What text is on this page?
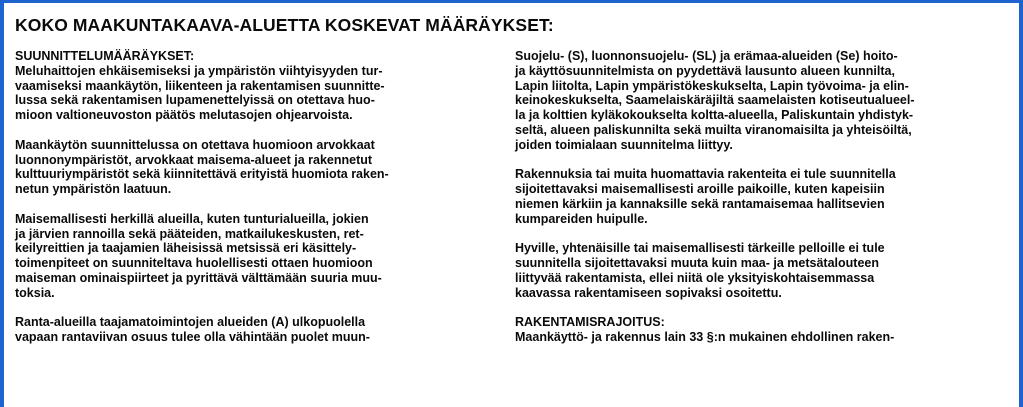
KOKO MAAKUNTAKAAVA-ALUETTA KOSKEVAT MÄÄRÄYKSET:
SUUNNITTELUMÄÄRÄYKSET:
Meluhaittojen ehkäisemiseksi ja ympäristön viihtyisyyden tur-
vaamiseksi maankäytön, liikenteen ja rakentamisen suunnitte-
lussa sekä rakentamisen lupamenettelyissä on otettava huo-
mioon valtioneuvoston päätös melutasojen ohjearvoista.
Maankäytön suunnittelussa on otettava huomioon arvokkaat
luonnonympäristöt, arvokkaat maisema-alueet ja rakennetut
kulttuuriympäristöt sekä kiinnitettävä erityistä huomiota raken-
netun ympäristön laatuun.
Maisemallisesti herkillä alueilla, kuten tunturialueilla, jokien
ja järvien rannoilla sekä pääteiden, matkailukeskusten, ret-
keilyreittien ja taajamien läheisissä metsissä eri käsittely-
toimenpiteet on suunniteltava huolellisesti ottaen huomioon
maiseman ominaispiirteet ja pyrittävä välttämään suuria muu-
toksia.
Ranta-alueilla taajamatoimintojen alueiden (A) ulkopuolella
vapaan rantaviivan osuus tulee olla vähintään puolet muun-
Suojelu- (S), luonnonsuojelu- (SL) ja erämaa-alueiden (Se) hoito-
ja käyttösuunnitelmista on pyydettävä lausunto alueen kunnilta,
Lapin liitolta, Lapin ympäristökeskukselta, Lapin työvoima- ja elin-
keinokeskukselta, Saamelaiskäräjiltä saamelaisten kotiseutualueel-
la ja kolttien kyläkokoukselta koltta-alueella, Paliskuntain yhdistyk-
seltä, alueen paliskunnilta sekä muilta viranomaisilta ja yhteisöiltä,
joiden toimialaan suunnitelma liittyy.
Rakennuksia tai muita huomattavia rakenteita ei tule suunnitella
sijoitettavaksi maisemallisesti aroille paikoille, kuten kapeisiin
niemen kärkiin ja kannaksille sekä rantamaisemaa hallitsevien
kumpareiden huipulle.
Hyville, yhtenäisille tai maisemallisesti tärkeille pelloille ei tule
suunnitella sijoitettavaksi muuta kuin maa- ja metsätalouteen
liittyvää rakentamista, ellei niitä ole yksityiskohtaisemmassa
kaavassa rakentamiseen sopivaksi osoitettu.
RAKENTAMISRAJOITUS:
Maankäyttö- ja rakennus lain 33 §:n mukainen ehdollinen raken-
